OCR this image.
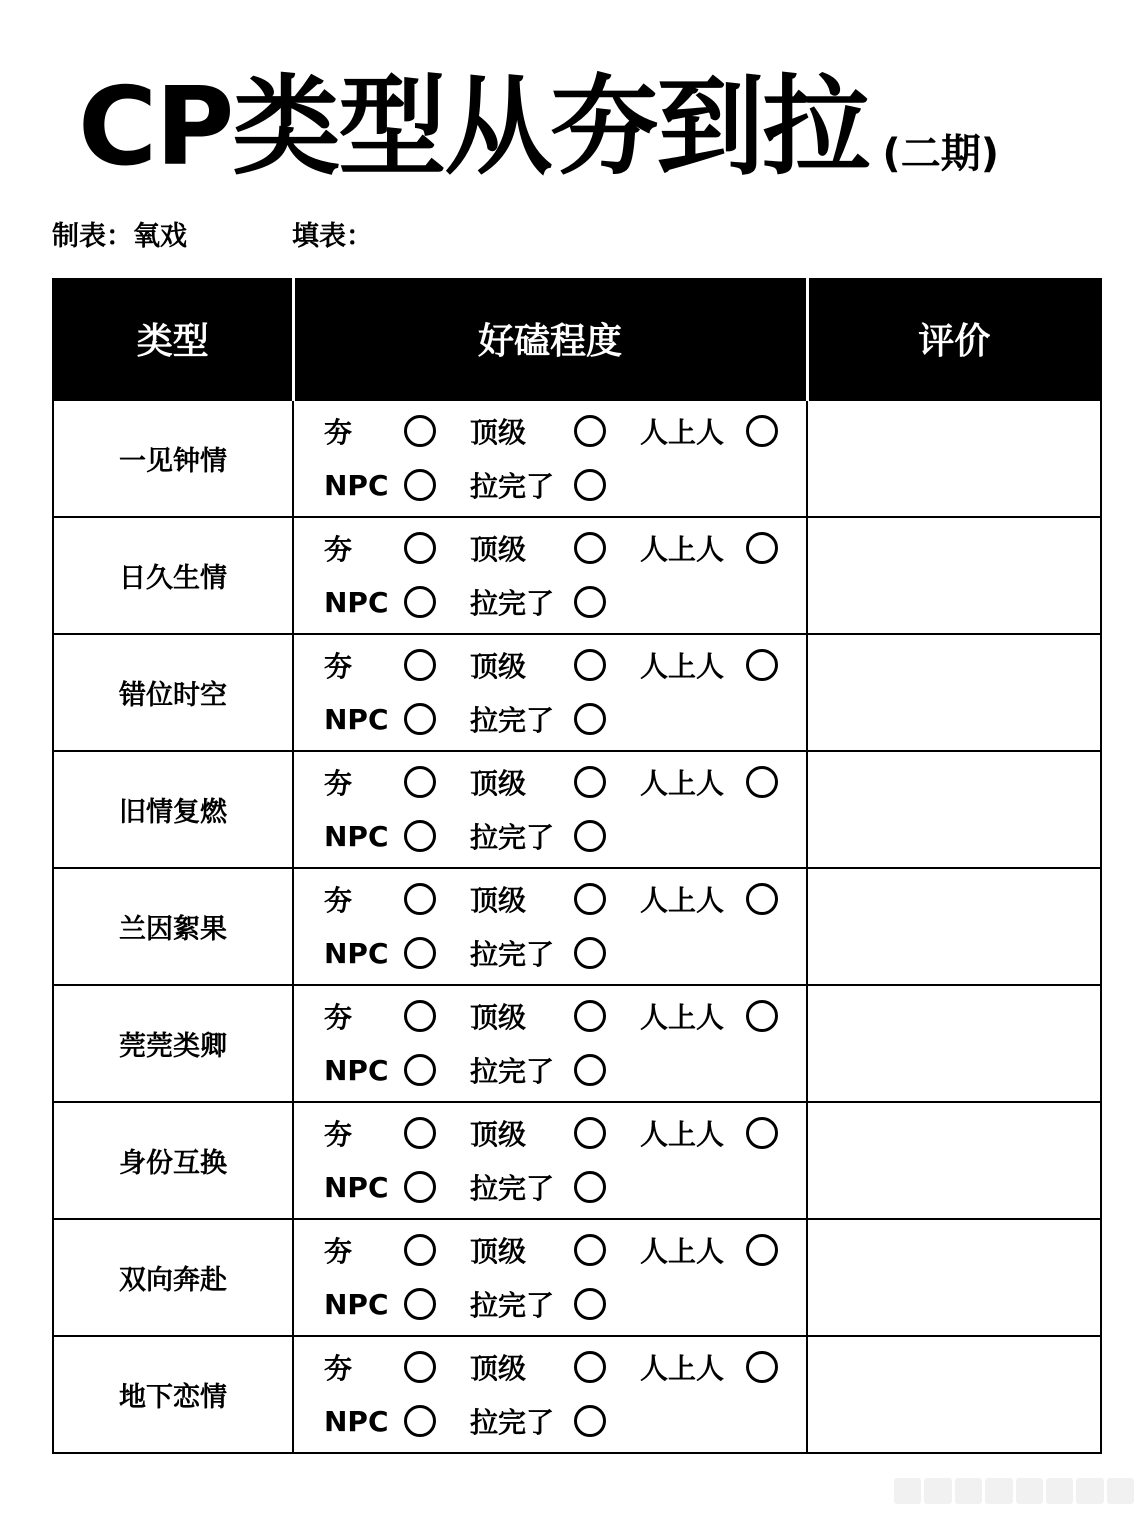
CP类型从夯到拉 (二期)
制表：氧戏	填表：
类型	好磕程度	评价
一见钟情	夯 顶级 人上人
NPC 拉完了	

日久生情	夯 顶级 人上人
NPC 拉完了	

错位时空	夯 顶级 人上人
NPC 拉完了	

旧情复燃	夯 顶级 人上人
NPC 拉完了	

兰因絮果	夯 顶级 人上人
NPC 拉完了	

莞莞类卿	夯 顶级 人上人
NPC 拉完了	

身份互换	夯 顶级 人上人
NPC 拉完了	

双向奔赴	夯 顶级 人上人
NPC 拉完了	

地下恋情	夯 顶级 人上人
NPC 拉完了	
